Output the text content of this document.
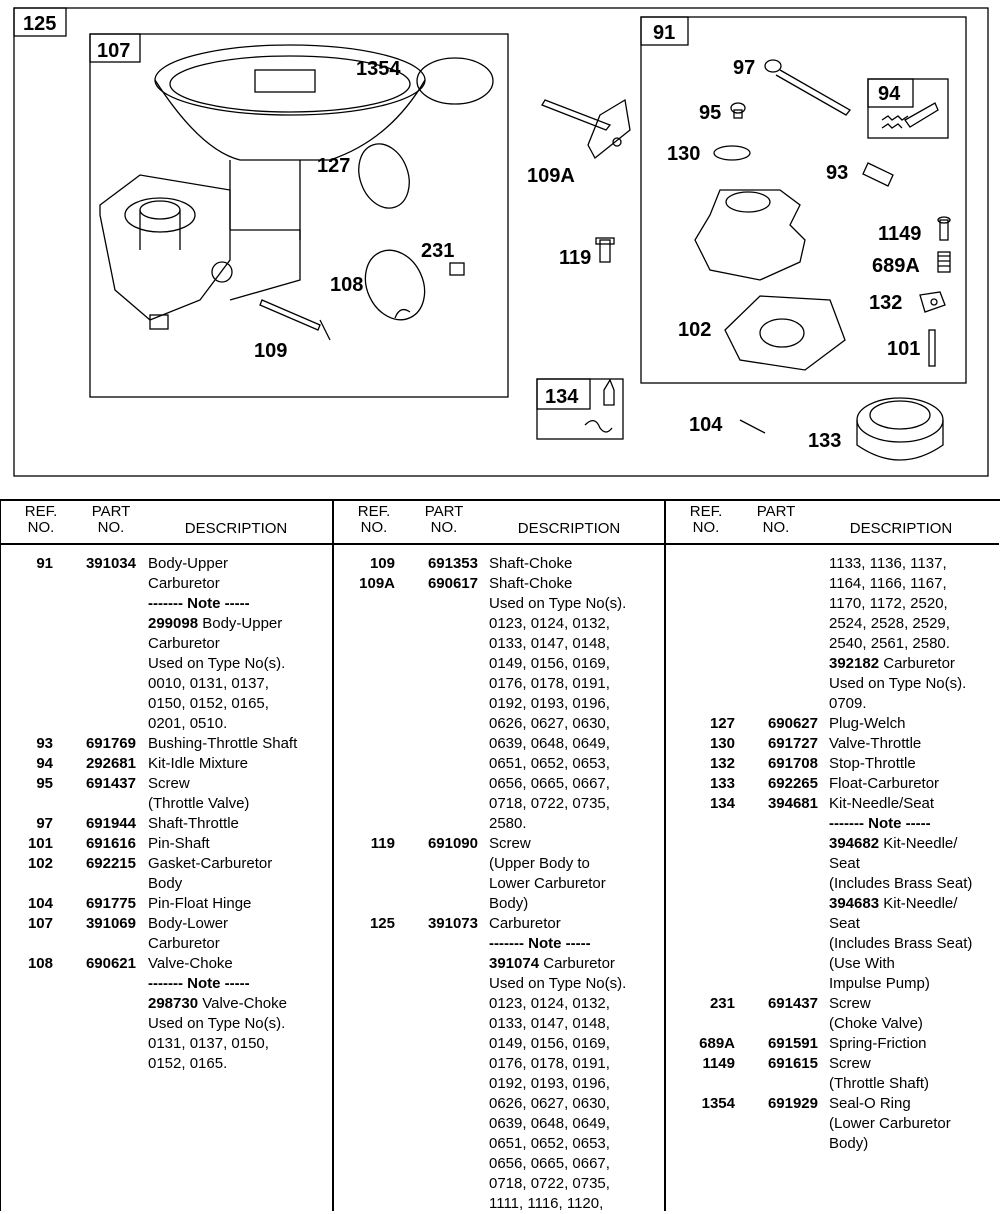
125
107
91
94
134
1354
127
231
108
109
109A
119
97
95
130
93
1149
689A
132
102
101
104
133
REF.
NO.
PART
NO.	DESCRIPTION
91	391034 Body-Upper
Carburetor
------- Note -----
299098 Body-Upper
Carburetor
Used on Type No(s).
0010, 0131, 0137,
0150, 0152, 0165,
0201, 0510.
93	691769 Bushing-Throttle Shaft
94	292681 Kit-Idle Mixture
95	691437 Screw
(Throttle Valve)
97	691944 Shaft-Throttle
101	691616 Pin-Shaft
102	692215 Gasket-Carburetor
Body
104	691775 Pin-Float Hinge
107	391069 Body-Lower
Carburetor
108	690621 Valve-Choke
------- Note -----
298730 Valve-Choke
Used on Type No(s).
0131, 0137, 0150,
0152, 0165.
REF.
NO.
PART
NO.	DESCRIPTION
109	691353 Shaft-Choke
109A	690617 Shaft-Choke
Used on Type No(s).
0123, 0124, 0132,
0133, 0147, 0148,
0149, 0156, 0169,
0176, 0178, 0191,
0192, 0193, 0196,
0626, 0627, 0630,
0639, 0648, 0649,
0651, 0652, 0653,
0656, 0665, 0667,
0718, 0722, 0735,
2580.
119	691090 Screw
(Upper Body to
Lower Carburetor
Body)
125	391073 Carburetor
------- Note -----
391074 Carburetor
Used on Type No(s).
0123, 0124, 0132,
0133, 0147, 0148,
0149, 0156, 0169,
0176, 0178, 0191,
0192, 0193, 0196,
0626, 0627, 0630,
0639, 0648, 0649,
0651, 0652, 0653,
0656, 0665, 0667,
0718, 0722, 0735,
1111, 1116, 1120,
REF.
NO.
PART
NO.	DESCRIPTION
1133, 1136, 1137,
1164, 1166, 1167,
1170, 1172, 2520,
2524, 2528, 2529,
2540, 2561, 2580.
392182 Carburetor
Used on Type No(s).
0709.
127	690627 Plug-Welch
130	691727 Valve-Throttle
132	691708 Stop-Throttle
133	692265 Float-Carburetor
134	394681 Kit-Needle/Seat
------- Note -----
394682 Kit-Needle/
Seat
(Includes Brass Seat)
394683 Kit-Needle/
Seat
(Includes Brass Seat)
(Use With
Impulse Pump)
231	691437 Screw
(Choke Valve)
689A	691591 Spring-Friction
1149	691615 Screw
(Throttle Shaft)
1354	691929 Seal-O Ring
(Lower Carburetor
Body)
